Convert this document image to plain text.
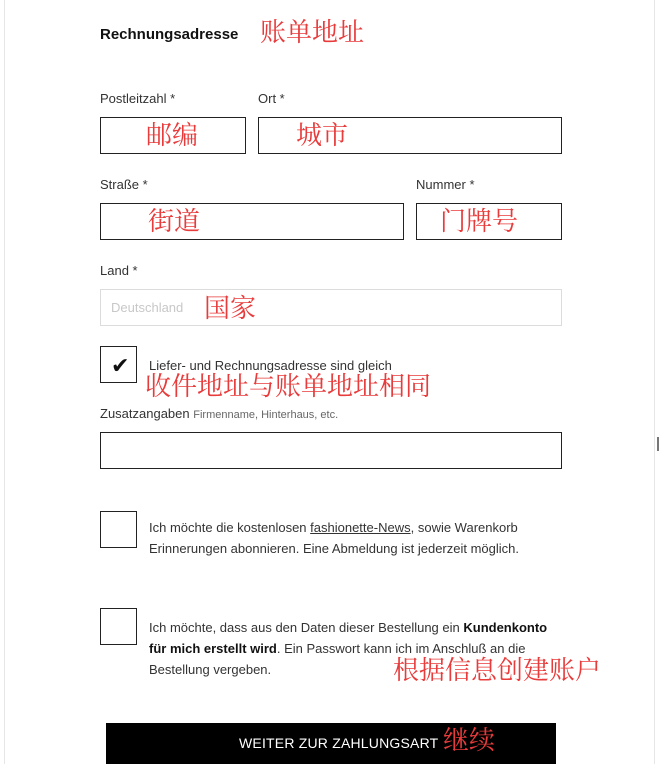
Rechnungsadresse 账单地址
Postleitzahl *	Ort *
邮编	城市
Straße *	Nummer *
街道	门牌号
Land *
Deutschland
国家
✔ Liefer- und Rechnungsadresse sind gleich
收件地址与账单地址相同
Zusatzangaben Firmenname, Hinterhaus, etc.
Ich möchte die kostenlosen fashionette-News, sowie Warenkorb Erinnerungen abonnieren. Eine Abmeldung ist jederzeit möglich.
Ich möchte, dass aus den Daten dieser Bestellung ein Kundenkonto für mich erstellt wird. Ein Passwort kann ich im Anschluß an die Bestellung vergeben.	根据信息创建账户
WEITER ZUR ZAHLUNGSART 继续
